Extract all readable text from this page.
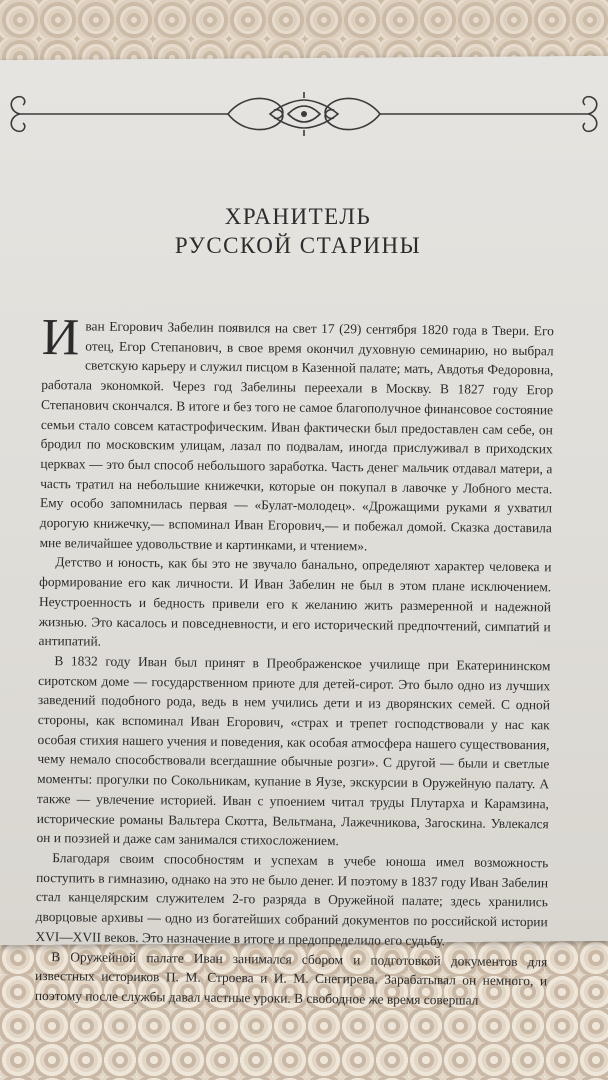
ХРАНИТЕЛЬ
РУССКОЙ СТАРИНЫ

Иван Егорович Забелин появился на свет 17 (29) сентября 1820 года в Твери. Его отец, Егор Степанович, в свое время окончил духовную семинарию, но выбрал светскую карьеру и служил писцом в Казенной палате; мать, Авдотья Федоровна, работала экономкой. Через год Забелины переехали в Москву. В 1827 году Егор Степанович скончался. В итоге и без того не самое благополучное финансовое состояние семьи стало совсем катастрофическим. Иван фактически был предоставлен сам себе, он бродил по московским улицам, лазал по подвалам, иногда прислуживал в приходских церквах — это был способ небольшого заработка. Часть денег мальчик отдавал матери, а часть тратил на небольшие книжечки, которые он покупал в лавочке у Лобного места. Ему особо запомнилась первая — «Булат-молодец». «Дрожащими руками я ухватил дорогую книжечку,— вспоминал Иван Егорович,— и побежал домой. Сказка доставила мне величайшее удовольствие и картинками, и чтением».

Детство и юность, как бы это не звучало банально, определяют характер человека и формирование его как личности. И Иван Забелин не был в этом плане исключением. Неустроенность и бедность привели его к желанию жить размеренной и надежной жизнью. Это касалось и повседневности, и его исторический предпочтений, симпатий и антипатий.

В 1832 году Иван был принят в Преображенское училище при Екатерининском сиротском доме — государственном приюте для детей-сирот. Это было одно из лучших заведений подобного рода, ведь в нем учились дети и из дворянских семей. С одной стороны, как вспоминал Иван Егорович, «страх и трепет господствовали у нас как особая стихия нашего учения и поведения, как особая атмосфера нашего существования, чему немало способствовали всегдашние обычные розги». С другой — были и светлые моменты: прогулки по Сокольникам, купание в Яузе, экскурсии в Оружейную палату. А также — увлечение историей. Иван с упоением читал труды Плутарха и Карамзина, исторические романы Вальтера Скотта, Вельтмана, Лажечникова, Загоскина. Увлекался он и поэзией и даже сам занимался стихосложением.

Благодаря своим способностям и успехам в учебе юноша имел возможность поступить в гимназию, однако на это не было денег. И поэтому в 1837 году Иван Забелин стал канцелярским служителем 2-го разряда в Оружейной палате; здесь хранились дворцовые архивы — одно из богатейших собраний документов по российской истории XVI—XVII веков. Это назначение в итоге и предопределило его судьбу.

В Оружейной палате Иван занимался сбором и подготовкой документов для известных историков П. М. Строева и И. М. Снегирева. Зарабатывал он немного, и поэтому после службы давал частные уроки. В свободное же время совершал
